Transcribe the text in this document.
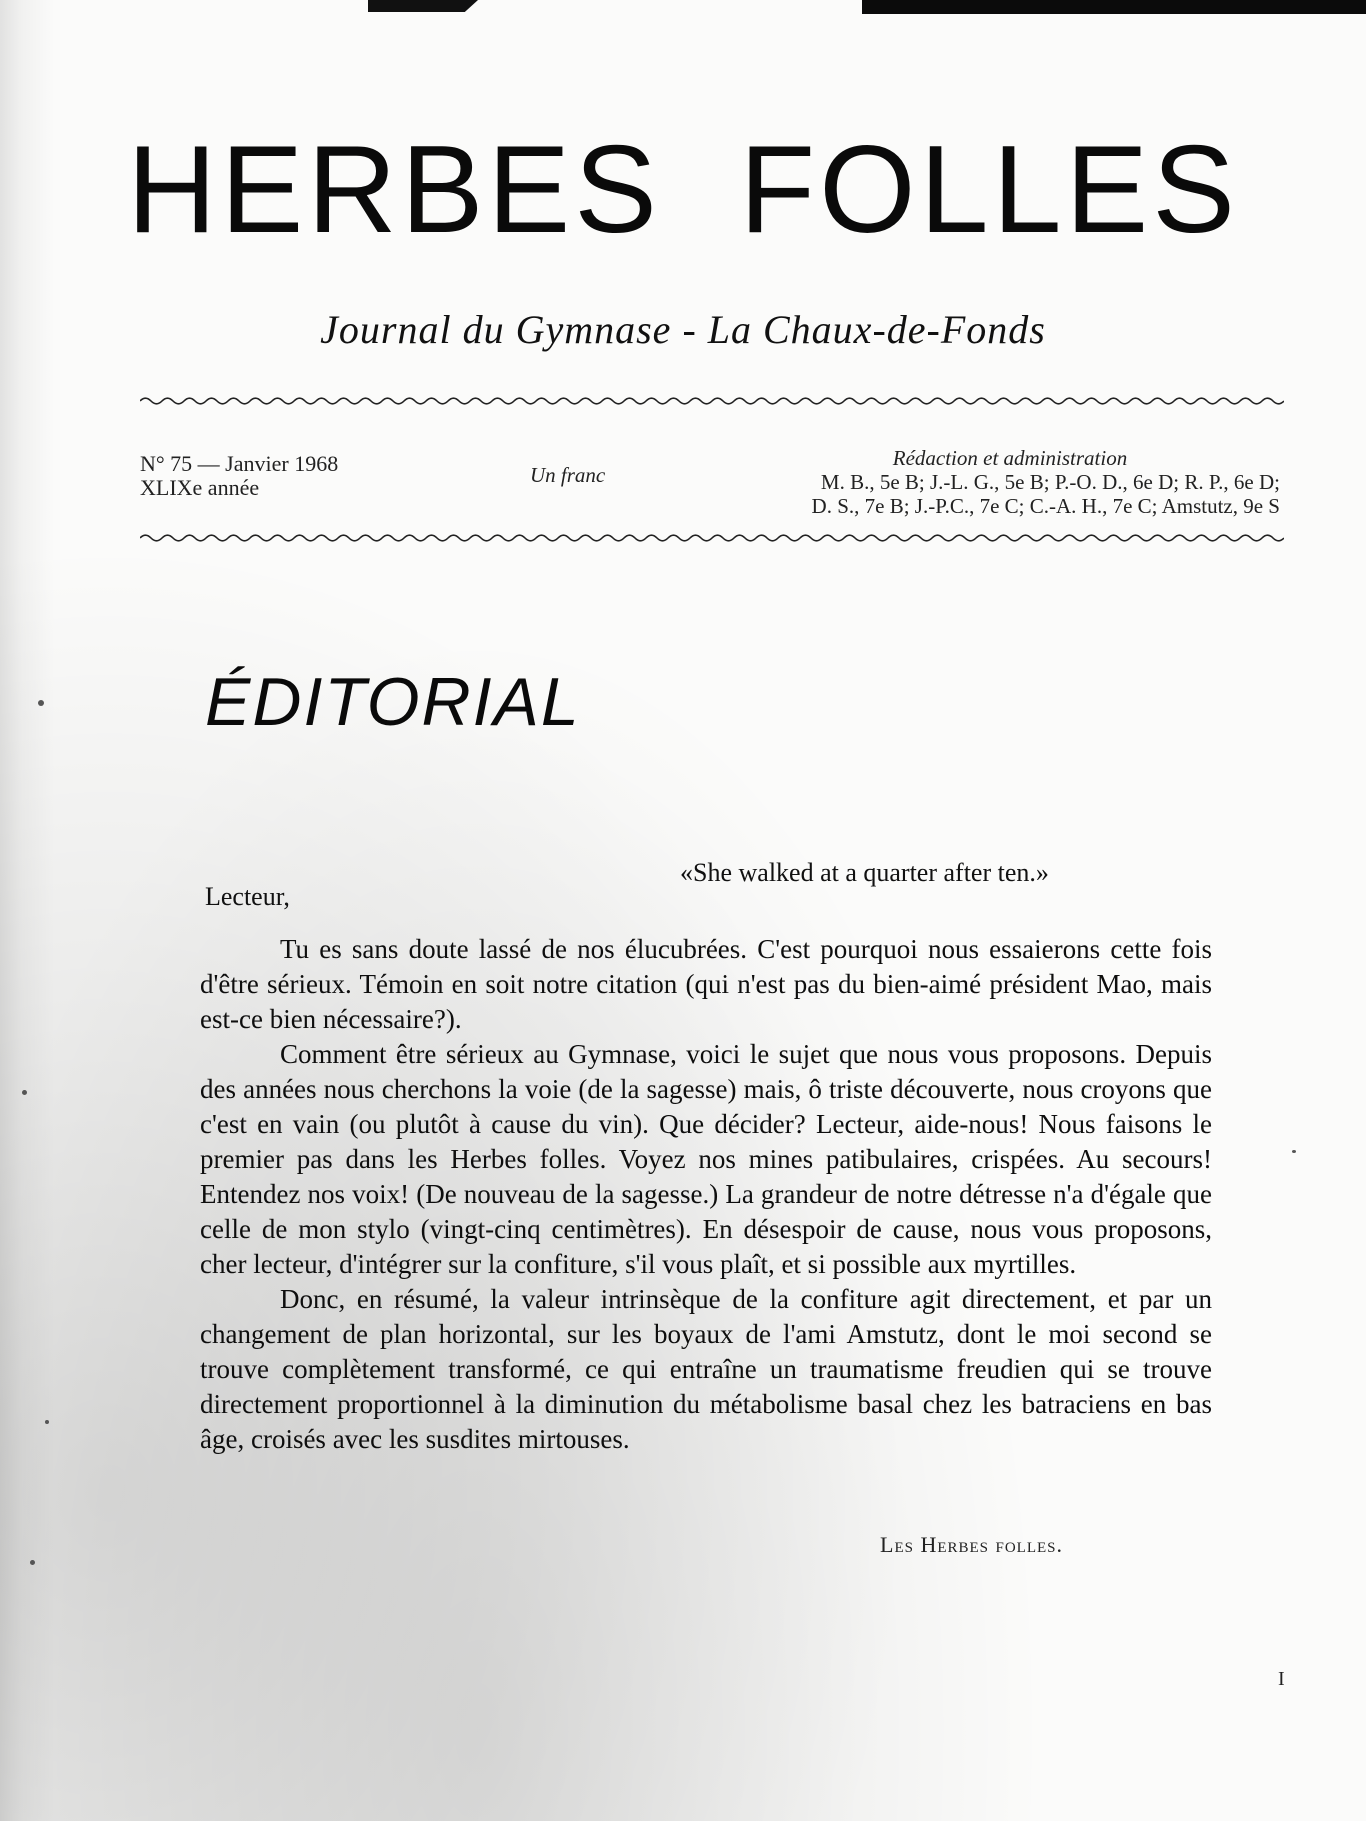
HERBES FOLLES
Journal du Gymnase - La Chaux-de-Fonds
N° 75 — Janvier 1968
XLIXe année	Un franc
Rédaction et administration
M. B., 5e B; J.-L. G., 5e B; P.-O. D., 6e D; R. P., 6e D;
D. S., 7e B; J.-P.C., 7e C; C.-A. H., 7e C; Amstutz, 9e S
ÉDITORIAL
«She walked at a quarter after ten.»
Lecteur,

Tu es sans doute lassé de nos élucubrées. C'est pourquoi nous essaierons cette fois d'être sérieux. Témoin en soit notre citation (qui n'est pas du bien-aimé président Mao, mais est-ce bien nécessaire?).

Comment être sérieux au Gymnase, voici le sujet que nous vous proposons. Depuis des années nous cherchons la voie (de la sagesse) mais, ô triste découverte, nous croyons que c'est en vain (ou plutôt à cause du vin). Que décider? Lecteur, aide-nous! Nous faisons le premier pas dans les Herbes folles. Voyez nos mines patibulaires, crispées. Au secours! Entendez nos voix! (De nouveau de la sagesse.) La grandeur de notre détresse n'a d'égale que celle de mon stylo (vingt-cinq centimètres). En désespoir de cause, nous vous proposons, cher lecteur, d'intégrer sur la confiture, s'il vous plaît, et si possible aux myrtilles.

Donc, en résumé, la valeur intrinsèque de la confiture agit directement, et par un changement de plan horizontal, sur les boyaux de l'ami Amstutz, dont le moi second se trouve complètement transformé, ce qui entraîne un traumatisme freudien qui se trouve directement proportionnel à la diminution du métabolisme basal chez les batraciens en bas âge, croisés avec les susdites mirtouses.

Les Herbes folles.
I
